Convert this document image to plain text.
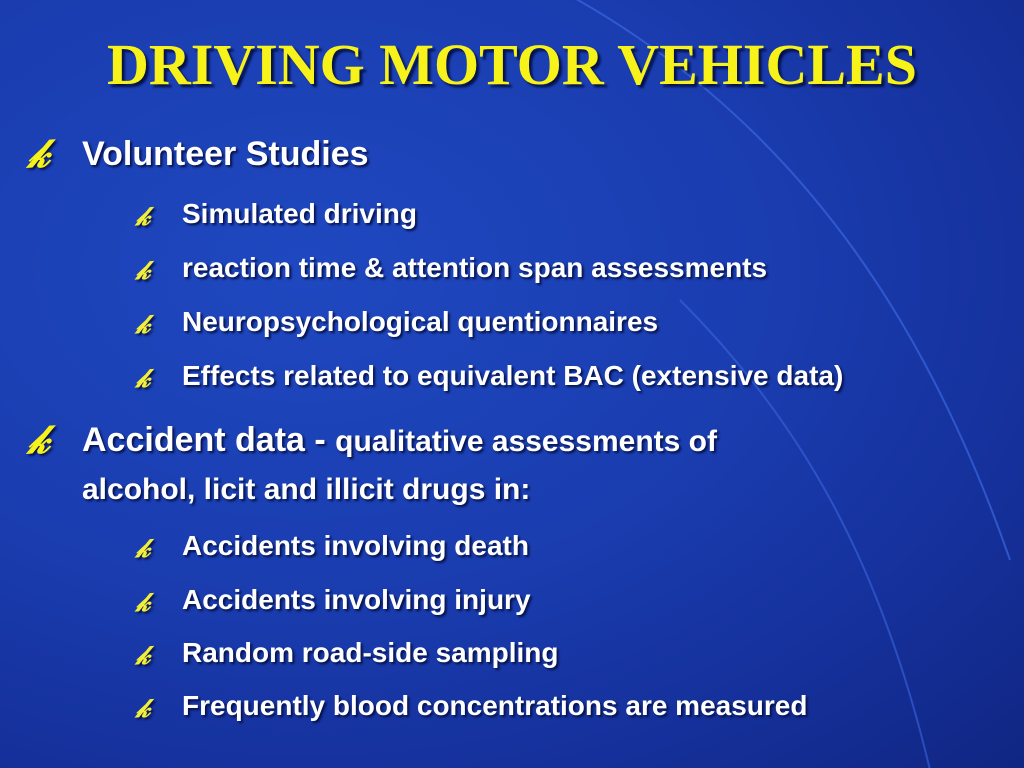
DRIVING MOTOR VEHICLES
𝓀 Volunteer Studies
𝓀 Simulated driving
𝓀 reaction time & attention span assessments
𝓀 Neuropsychological quentionnaires
𝓀 Effects related to equivalent BAC (extensive data)
𝓀 Accident data - qualitative assessments of
alcohol, licit and illicit drugs in:
𝓀 Accidents involving death
𝓀 Accidents involving injury
𝓀 Random road-side sampling
𝓀 Frequently blood concentrations are measured
